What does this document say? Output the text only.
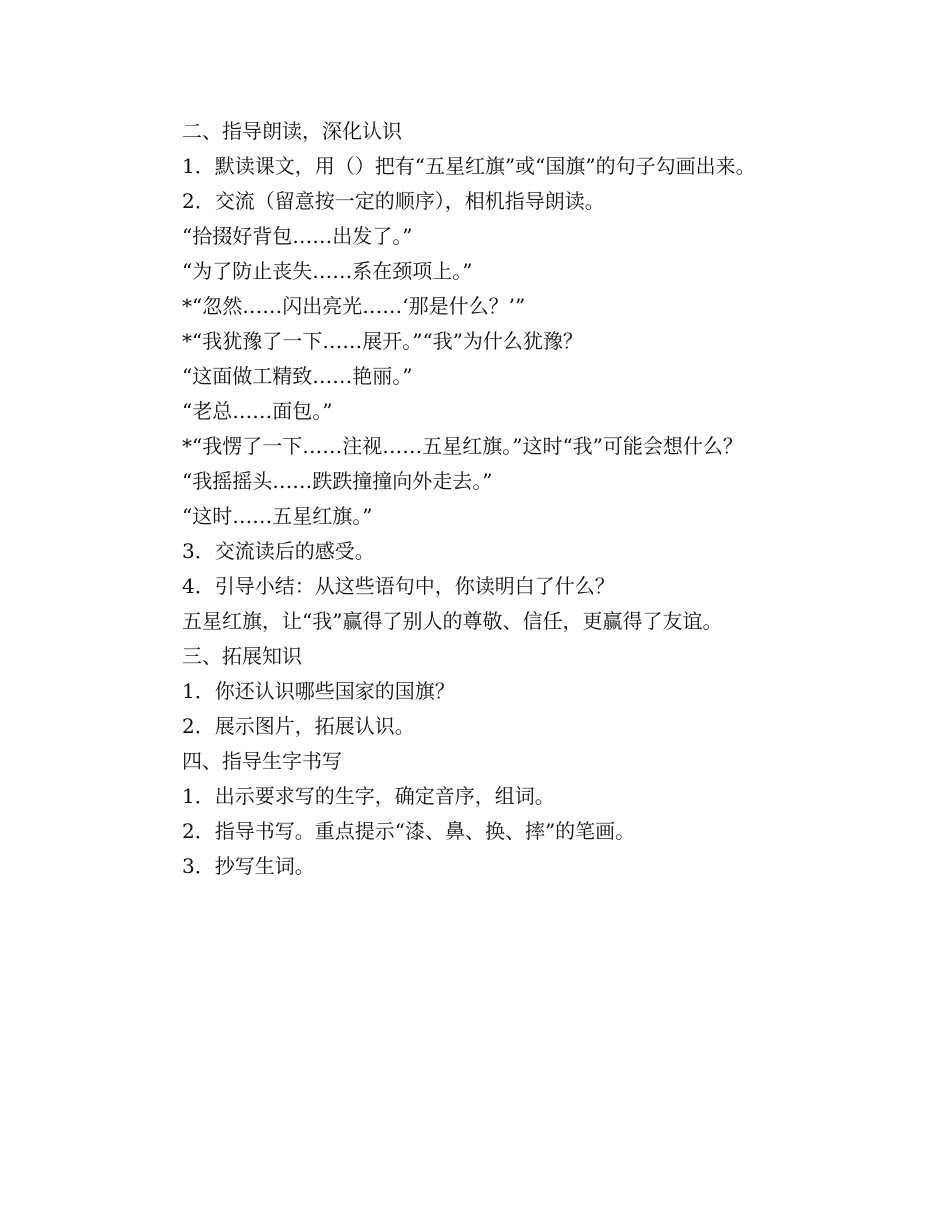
二、指导朗读，深化认识
1．默读课文，用（）把有“五星红旗”或“国旗”的句子勾画出来。
2．交流（留意按一定的顺序），相机指导朗读。
“拾掇好背包……出发了。”
“为了防止丧失……系在颈项上。”
*“忽然……闪出亮光……‘那是什么？’”
*“我犹豫了一下……展开。”“我”为什么犹豫？
“这面做工精致……艳丽。”
“老总……面包。”
*“我愣了一下……注视……五星红旗。”这时“我”可能会想什么？
“我摇摇头……跌跌撞撞向外走去。”
“这时……五星红旗。”
3．交流读后的感受。
4．引导小结：从这些语句中，你读明白了什么？
五星红旗，让“我”赢得了别人的尊敬、信任，更赢得了友谊。
三、拓展知识
1．你还认识哪些国家的国旗？
2．展示图片，拓展认识。
四、指导生字书写
1．出示要求写的生字，确定音序，组词。
2．指导书写。重点提示“漆、鼻、换、摔”的笔画。
3．抄写生词。
